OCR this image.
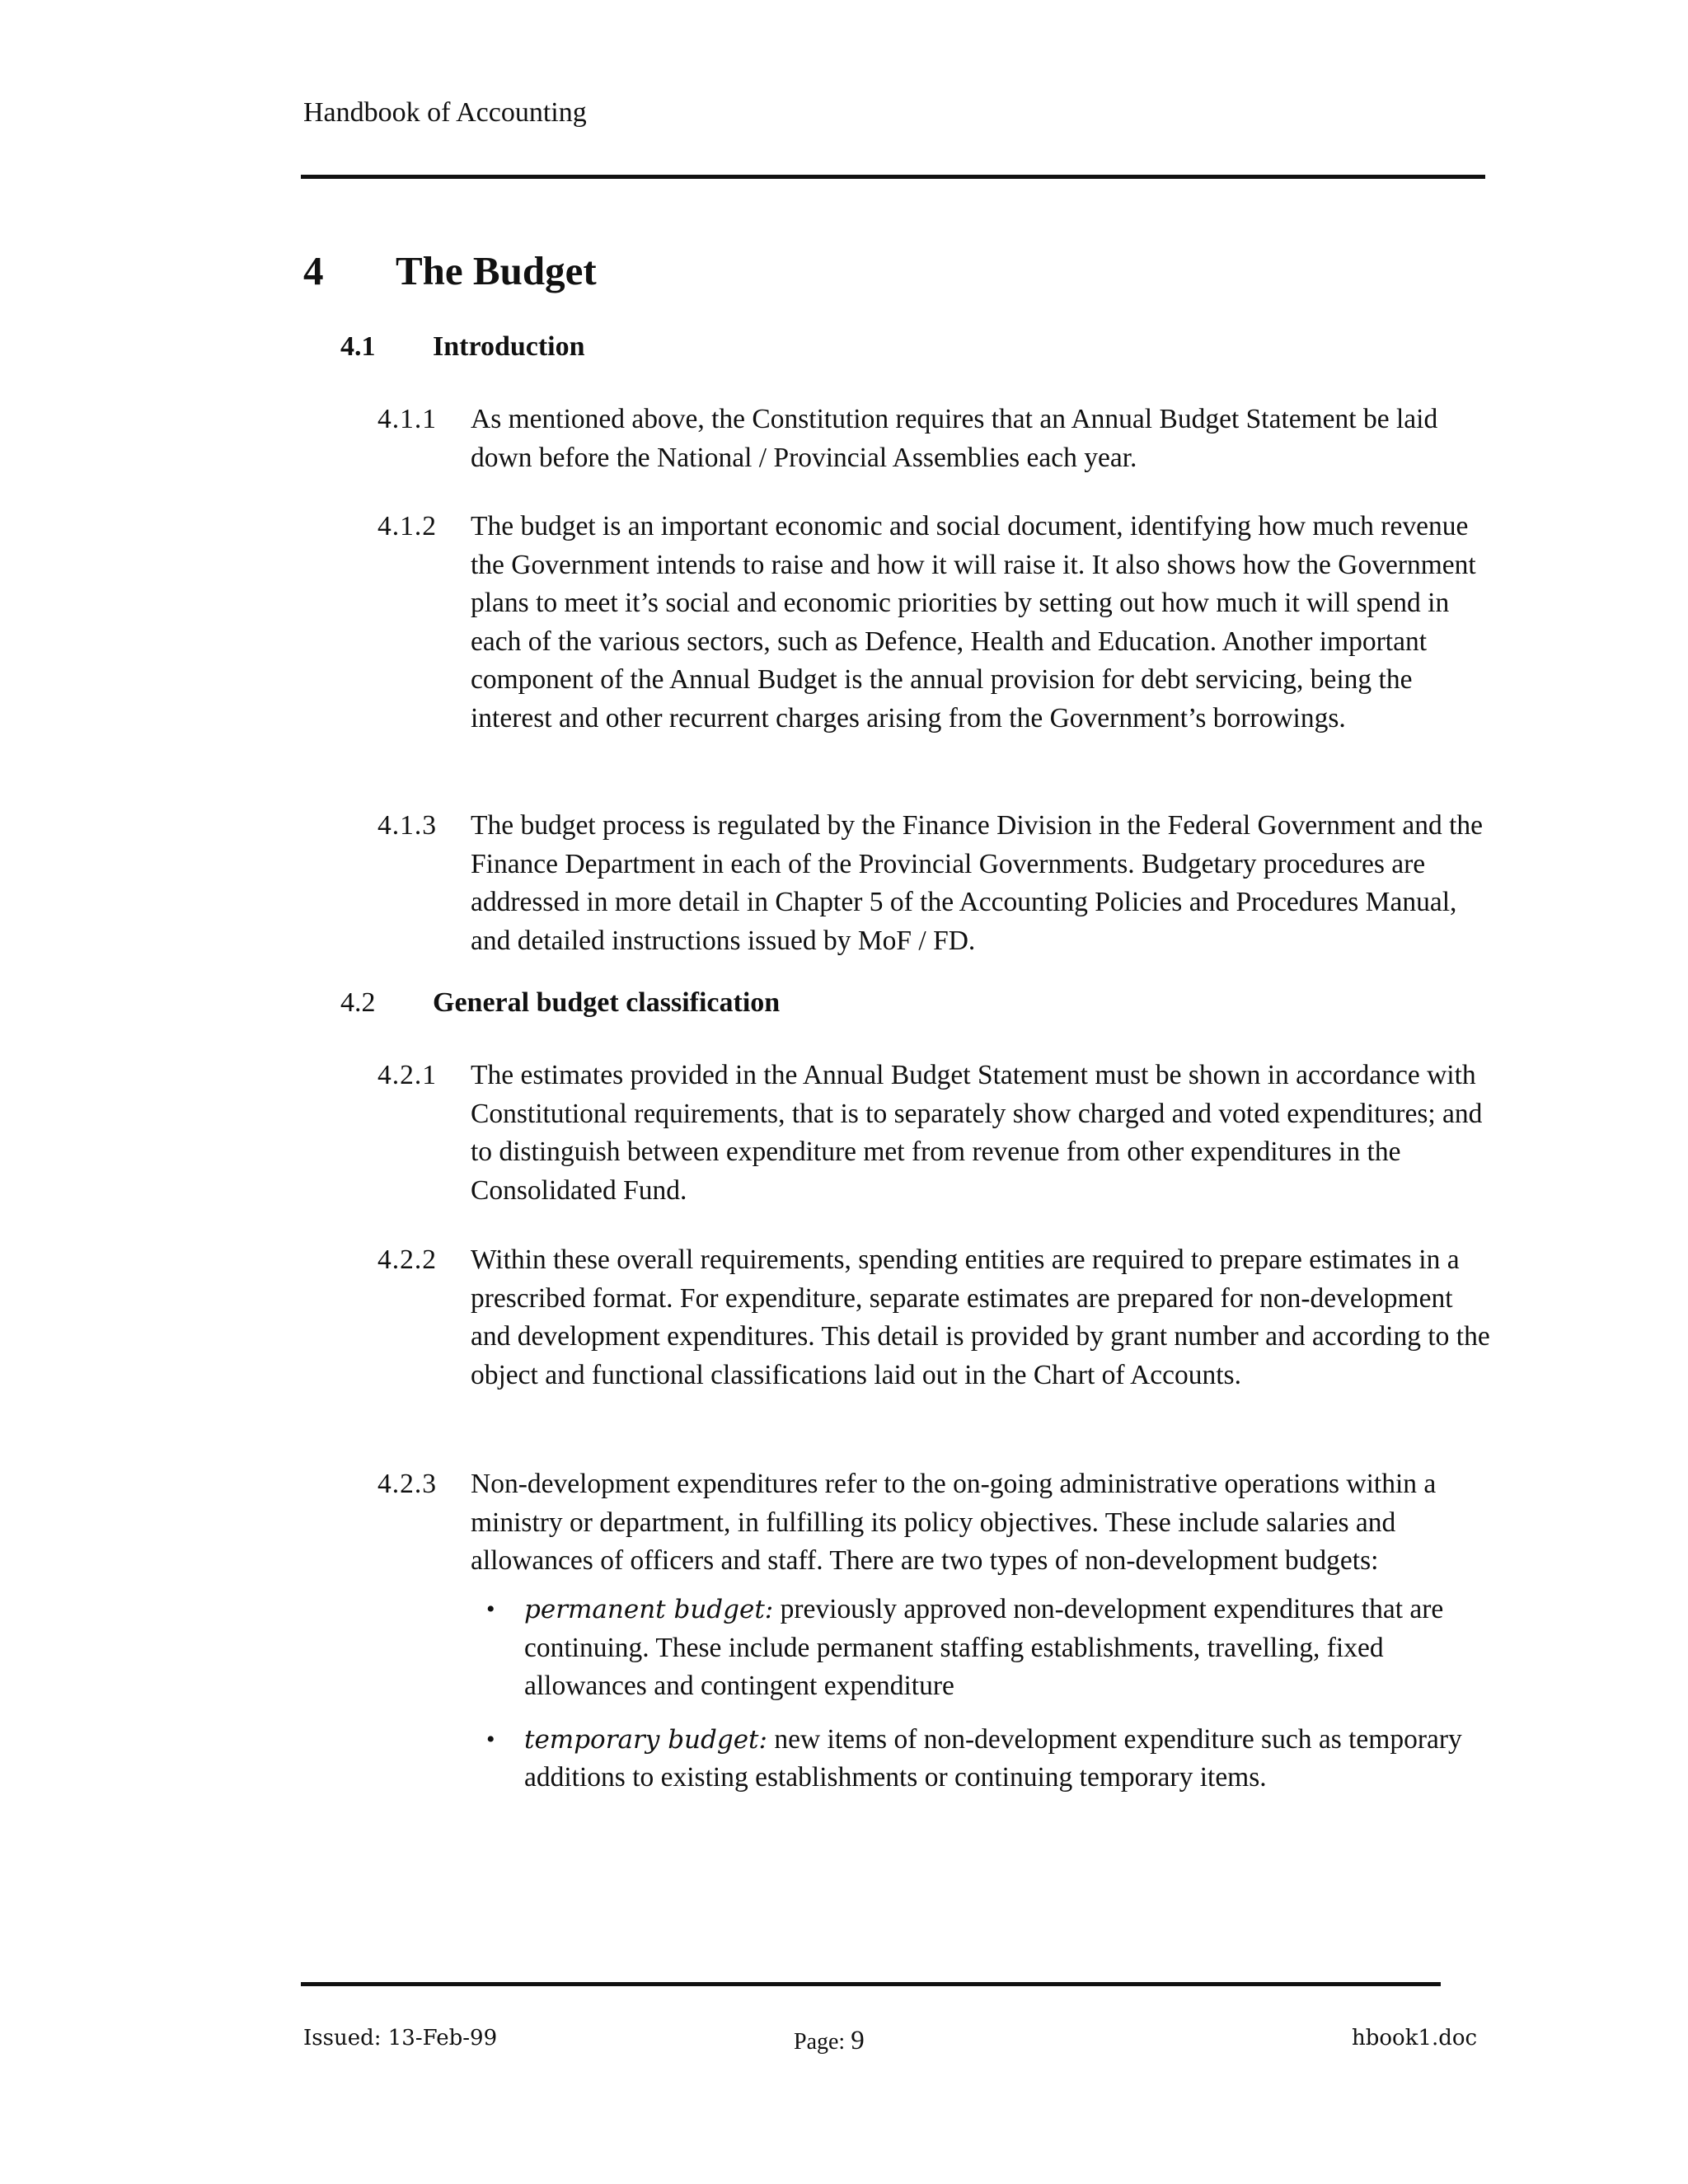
Handbook of Accounting
4 The Budget
4.1 Introduction
4.1.1 As mentioned above, the Constitution requires that an Annual Budget Statement be laid down before the National / Provincial Assemblies each year.
4.1.2 The budget is an important economic and social document, identifying how much revenue the Government intends to raise and how it will raise it. It also shows how the Government plans to meet it’s social and economic priorities by setting out how much it will spend in each of the various sectors, such as Defence, Health and Education. Another important component of the Annual Budget is the annual provision for debt servicing, being the interest and other recurrent charges arising from the Government’s borrowings.
4.1.3 The budget process is regulated by the Finance Division in the Federal Government and the Finance Department in each of the Provincial Governments. Budgetary procedures are addressed in more detail in Chapter 5 of the Accounting Policies and Procedures Manual, and detailed instructions issued by MoF / FD.
4.2 General budget classification
4.2.1 The estimates provided in the Annual Budget Statement must be shown in accordance with Constitutional requirements, that is to separately show charged and voted expenditures; and to distinguish between expenditure met from revenue from other expenditures in the Consolidated Fund.
4.2.2 Within these overall requirements, spending entities are required to prepare estimates in a prescribed format. For expenditure, separate estimates are prepared for non-development and development expenditures. This detail is provided by grant number and according to the object and functional classifications laid out in the Chart of Accounts.
4.2.3 Non-development expenditures refer to the on-going administrative operations within a ministry or department, in fulfilling its policy objectives. These include salaries and allowances of officers and staff. There are two types of non-development budgets:
• permanent budget: previously approved non-development expenditures that are continuing. These include permanent staffing establishments, travelling, fixed allowances and contingent expenditure
• temporary budget: new items of non-development expenditure such as temporary additions to existing establishments or continuing temporary items.
Issued: 13-Feb-99	Page: 9	hbook1.doc
